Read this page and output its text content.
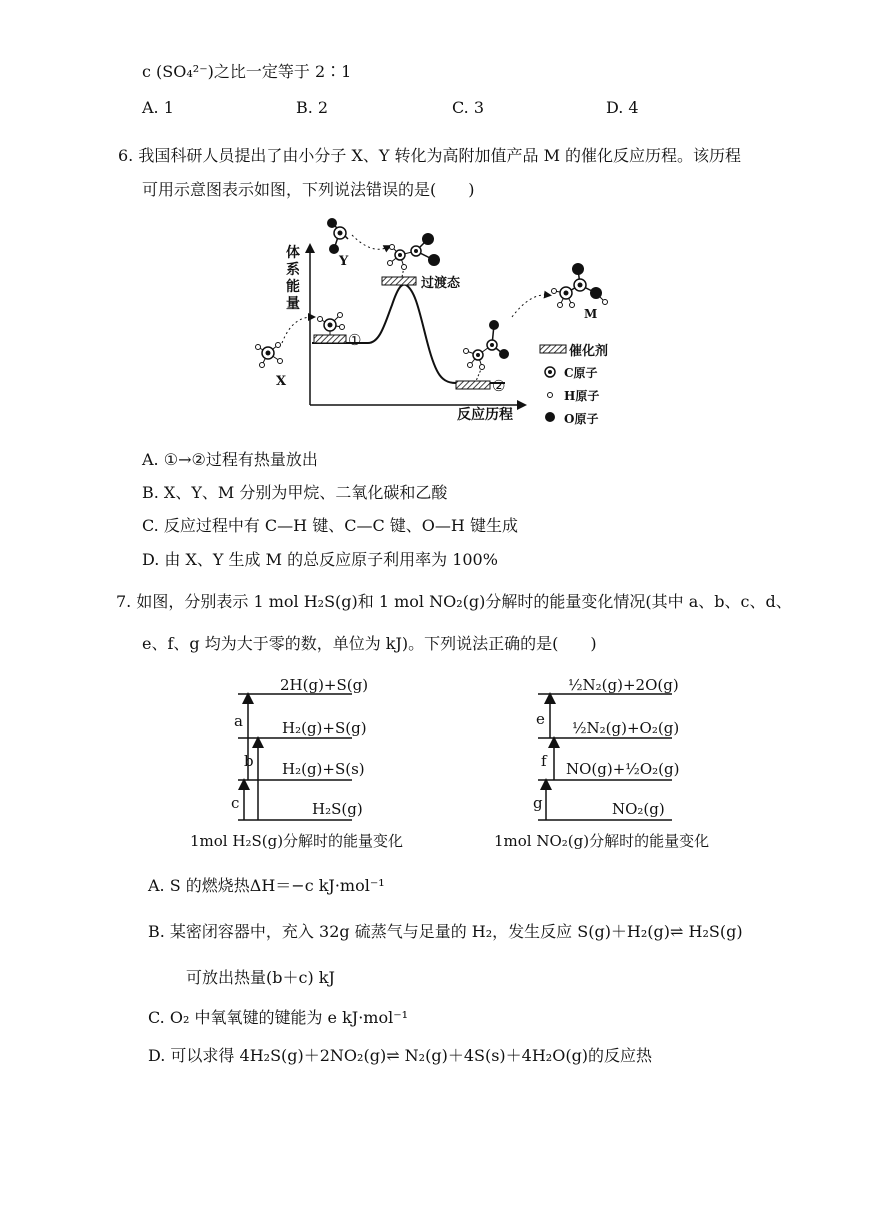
c (SO₄²⁻)之比一定等于 2∶1
A. 1	B. 2	C. 3	D. 4
6. 我国科研人员提出了由小分子 X、Y 转化为高附加值产品 M 的催化反应历程。该历程
可用示意图表示如图，下列说法错误的是(　　)
体 系 能 量
反应历程
①
过渡态
②
X
Y
M
催化剂
C原子
H原子
O原子
A. ①→②过程有热量放出
B. X、Y、M 分别为甲烷、二氧化碳和乙酸
C. 反应过程中有 C—H 键、C—C 键、O—H 键生成
D. 由 X、Y 生成 M 的总反应原子利用率为 100%
7. 如图，分别表示 1 mol H₂S(g)和 1 mol NO₂(g)分解时的能量变化情况(其中 a、b、c、d、
e、f、g 均为大于零的数，单位为 kJ)。下列说法正确的是(　　)
2H(g)+S(g)
H₂(g)+S(g)
H₂(g)+S(s)
H₂S(g)
a
b
c
½N₂(g)+2O(g)
½N₂(g)+O₂(g)
NO(g)+½O₂(g)
NO₂(g)
e
f
g
1mol H₂S(g)分解时的能量变化	1mol NO₂(g)分解时的能量变化
A. S 的燃烧热ΔH＝−c kJ·mol⁻¹
B. 某密闭容器中，充入 32g 硫蒸气与足量的 H₂，发生反应 S(g)＋H₂(g)⇌ H₂S(g)
可放出热量(b＋c) kJ
C. O₂ 中氧氧键的键能为 e kJ·mol⁻¹
D. 可以求得 4H₂S(g)＋2NO₂(g)⇌ N₂(g)＋4S(s)＋4H₂O(g)的反应热
